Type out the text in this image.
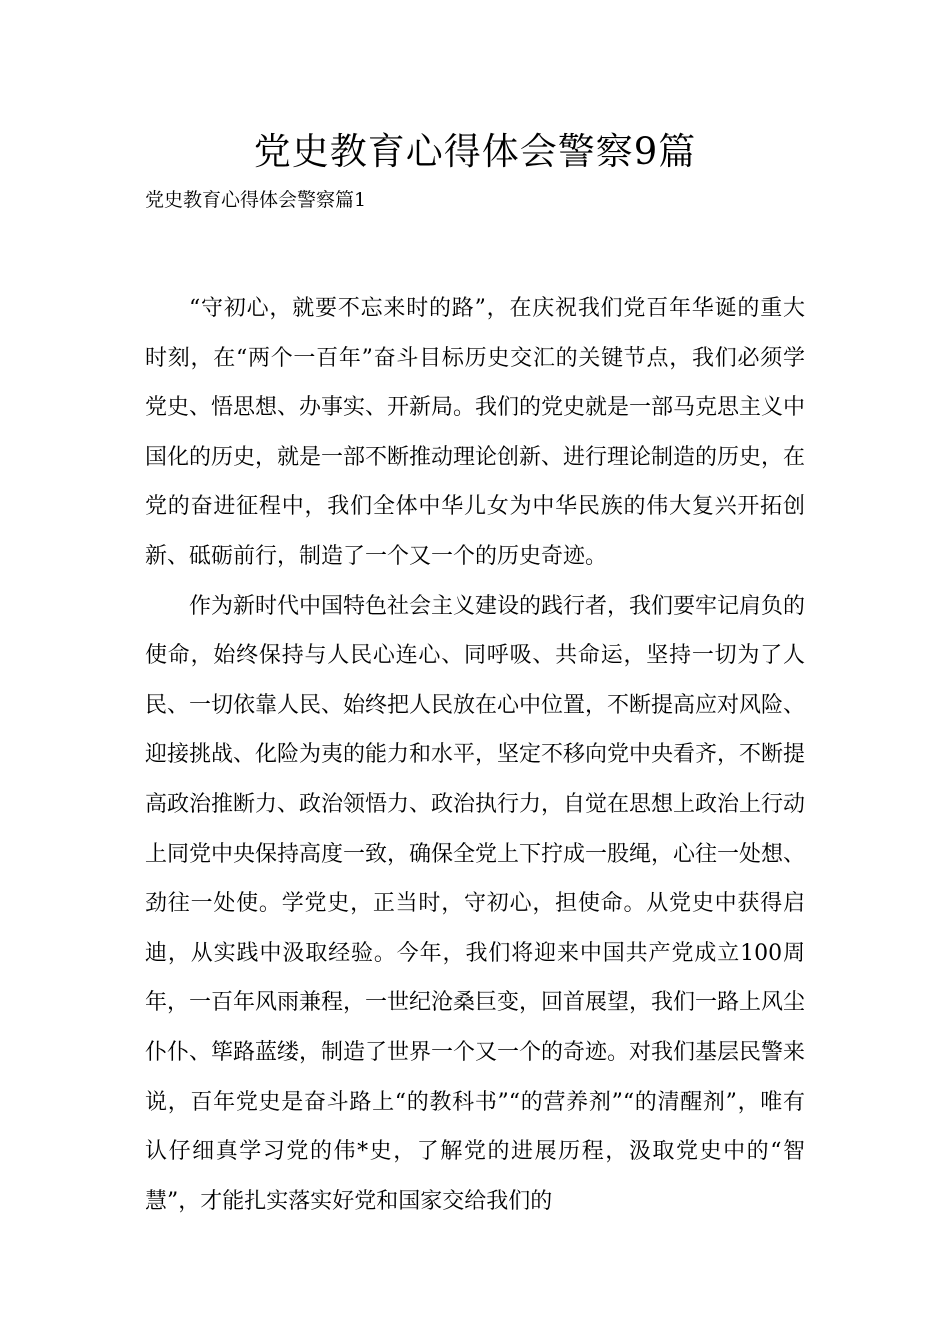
党史教育心得体会警察9篇
党史教育心得体会警察篇1

“守初心，就要不忘来时的路”，在庆祝我们党百年华诞的重大时刻，在“两个一百年”奋斗目标历史交汇的关键节点，我们必须学党史、悟思想、办事实、开新局。我们的党史就是一部马克思主义中国化的历史，就是一部不断推动理论创新、进行理论制造的历史，在党的奋进征程中，我们全体中华儿女为中华民族的伟大复兴开拓创新、砥砺前行，制造了一个又一个的历史奇迹。

作为新时代中国特色社会主义建设的践行者，我们要牢记肩负的使命，始终保持与人民心连心、同呼吸、共命运，坚持一切为了人民、一切依靠人民、始终把人民放在心中位置，不断提高应对风险、迎接挑战、化险为夷的能力和水平，坚定不移向党中央看齐，不断提高政治推断力、政治领悟力、政治执行力，自觉在思想上政治上行动上同党中央保持高度一致，确保全党上下拧成一股绳，心往一处想、劲往一处使。学党史，正当时，守初心，担使命。从党史中获得启迪，从实践中汲取经验。今年，我们将迎来中国共产党成立100周年，一百年风雨兼程，一世纪沧桑巨变，回首展望，我们一路上风尘仆仆、筚路蓝缕，制造了世界一个又一个的奇迹。对我们基层民警来说，百年党史是奋斗路上“的教科书”“的营养剂”“的清醒剂”，唯有认仔细真学习党的伟*史，了解党的进展历程，汲取党史中的“智慧”，才能扎实落实好党和国家交给我们的
